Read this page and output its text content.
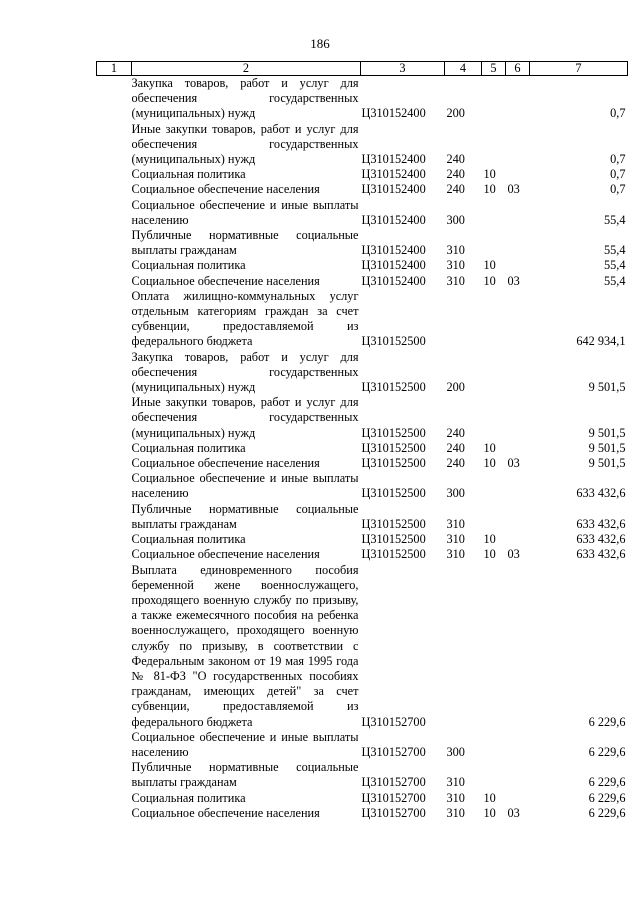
186
1	2	3	4	5	6	7
	Закупка товаров, работ и услуг для обеспечения государственных (муниципальных) нужд	Ц310152400	200			0,7
	Иные закупки товаров, работ и услуг для обеспечения государственных (муниципальных) нужд	Ц310152400	240			0,7
	Социальная политика	Ц310152400	240	10		0,7
	Социальное обеспечение населения	Ц310152400	240	10	03	0,7
	Социальное обеспечение и иные выплаты населению	Ц310152400	300			55,4
	Публичные нормативные социальные выплаты гражданам	Ц310152400	310			55,4
	Социальная политика	Ц310152400	310	10		55,4
	Социальное обеспечение населения	Ц310152400	310	10	03	55,4
	Оплата жилищно-коммунальных услуг отдельным категориям граждан за счет субвенции, предоставляемой из федерального бюджета	Ц310152500				642 934,1
	Закупка товаров, работ и услуг для обеспечения государственных (муниципальных) нужд	Ц310152500	200			9 501,5
	Иные закупки товаров, работ и услуг для обеспечения государственных (муниципальных) нужд	Ц310152500	240			9 501,5
	Социальная политика	Ц310152500	240	10		9 501,5
	Социальное обеспечение населения	Ц310152500	240	10	03	9 501,5
	Социальное обеспечение и иные выплаты населению	Ц310152500	300			633 432,6
	Публичные нормативные социальные выплаты гражданам	Ц310152500	310			633 432,6
	Социальная политика	Ц310152500	310	10		633 432,6
	Социальное обеспечение населения	Ц310152500	310	10	03	633 432,6
	Выплата единовременного пособия беременной жене военнослужащего, проходящего военную службу по призыву, а также ежемесячного пособия на ребенка военнослужащего, проходящего военную службу по призыву, в соответствии с Федеральным законом от 19 мая 1995 года № 81-ФЗ "О государственных пособиях гражданам, имеющих детей" за счет субвенции, предоставляемой из федерального бюджета	Ц310152700				6 229,6
	Социальное обеспечение и иные выплаты населению	Ц310152700	300			6 229,6
	Публичные нормативные социальные выплаты гражданам	Ц310152700	310			6 229,6
	Социальная политика	Ц310152700	310	10		6 229,6
	Социальное обеспечение населения	Ц310152700	310	10	03	6 229,6
